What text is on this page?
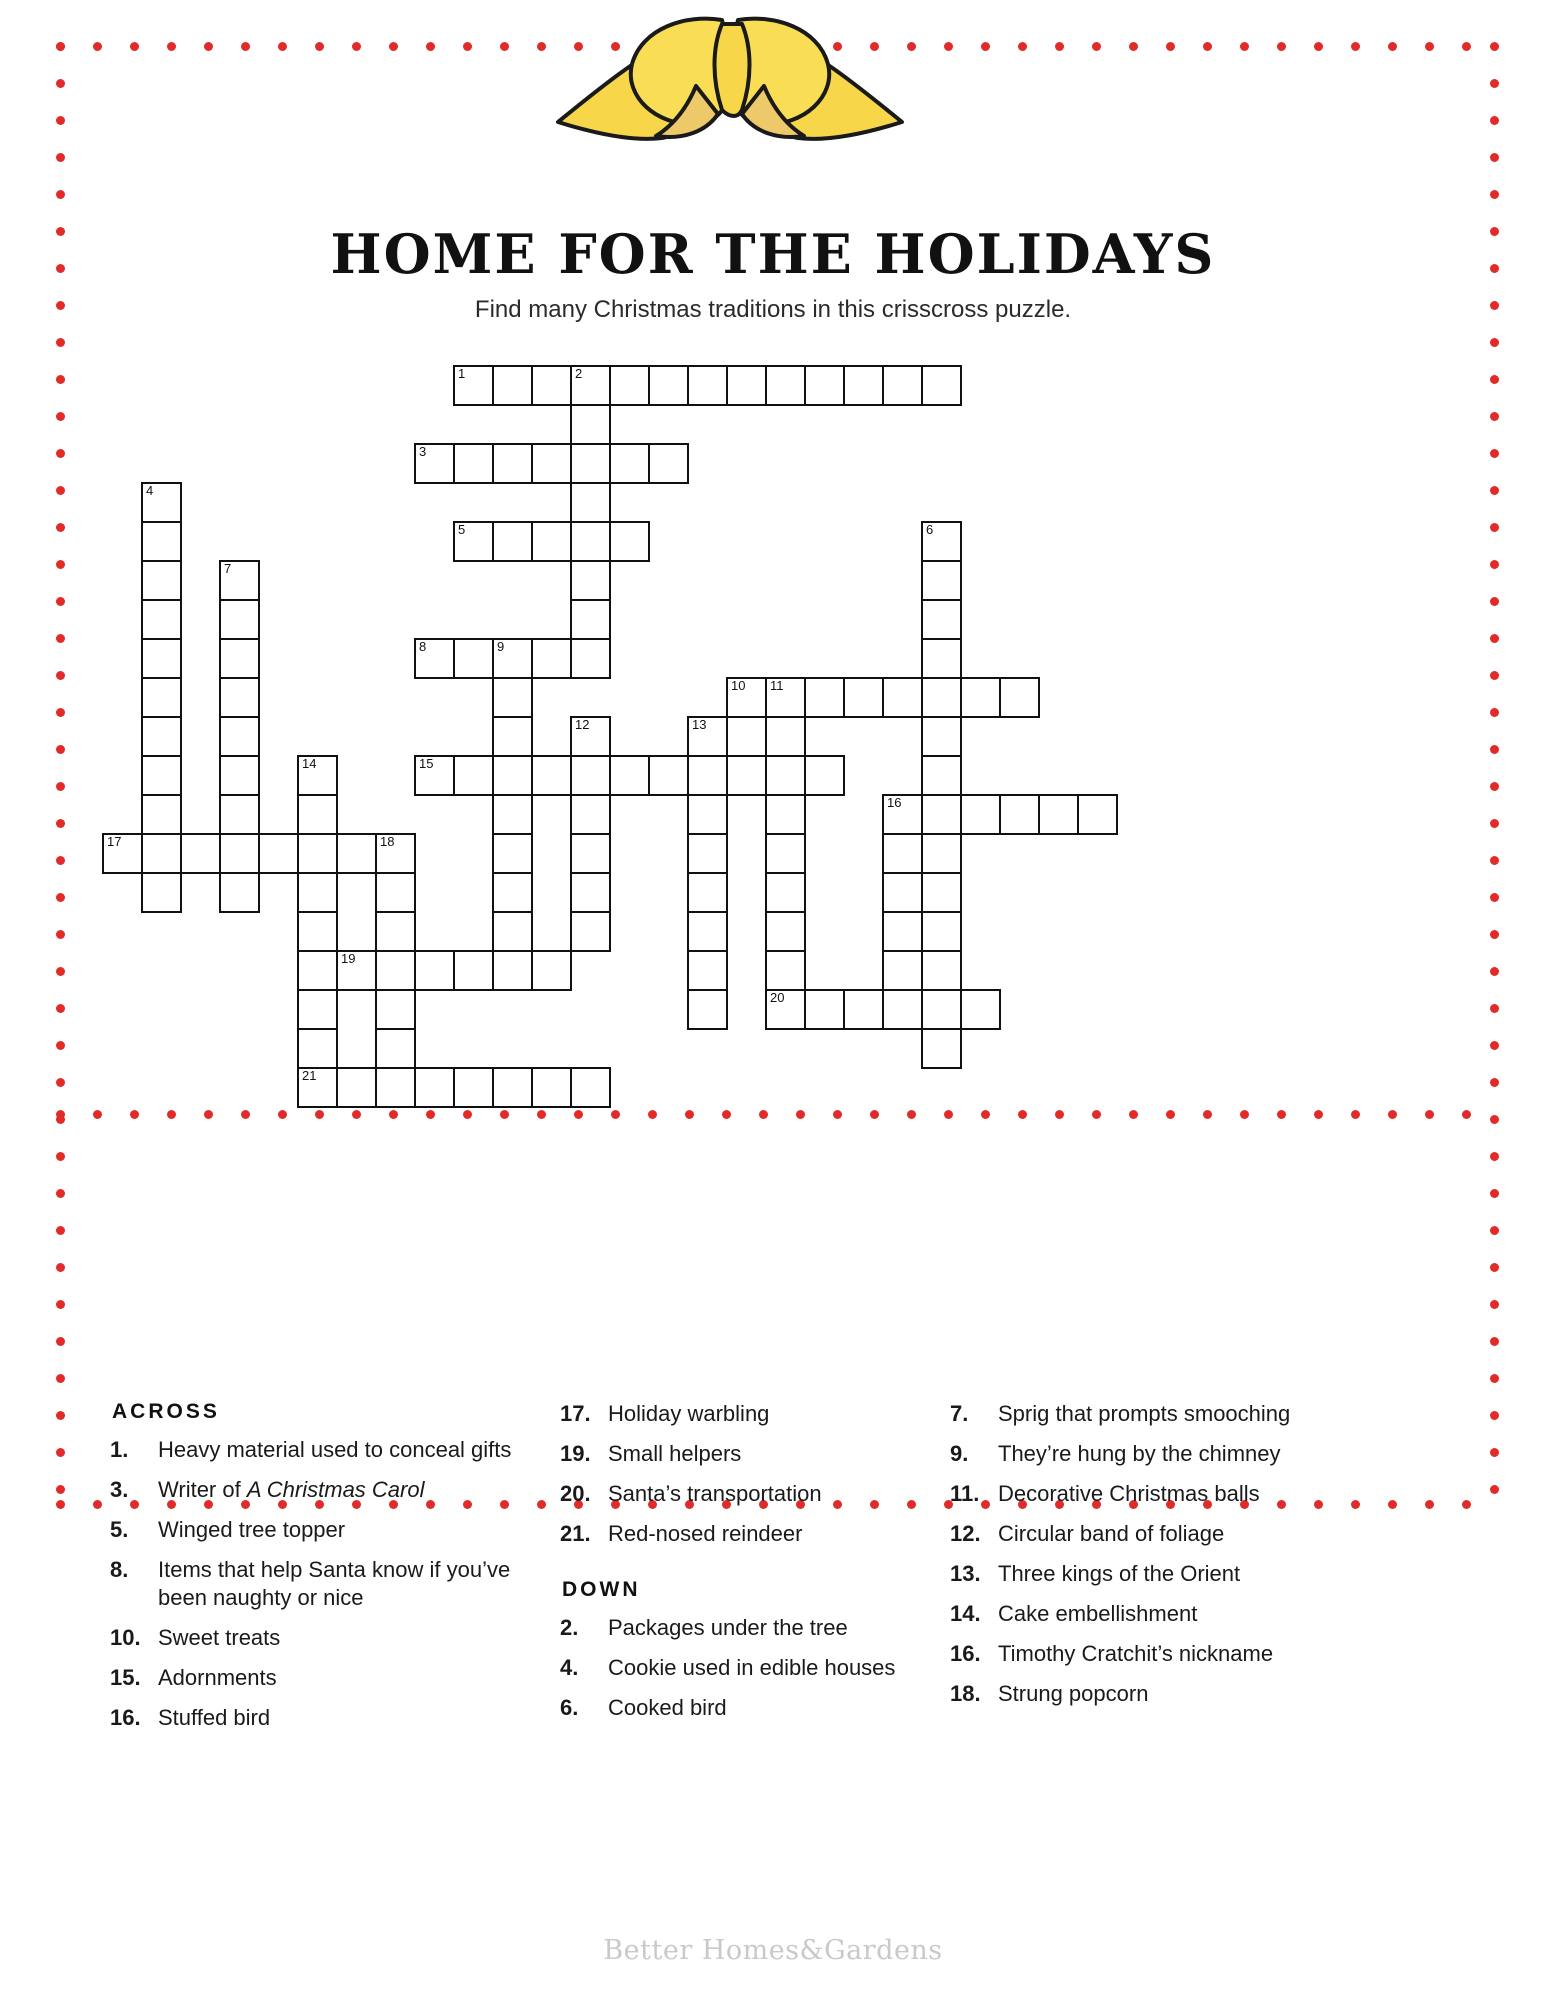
HOME FOR THE HOLIDAYS
Find many Christmas traditions in this crisscross puzzle.
1	2
3
4
5	6
7
8	9
10 11
12	13
14	15
16
17	18
19
20
21
ACROSS
1.	Heavy material used to conceal gifts
3.	Writer of A Christmas Carol
5.	Winged tree topper
8.	Items that help Santa know if you’ve been naughty or nice
10. Sweet treats
15. Adornments
16. Stuffed bird
17. Holiday warbling
19. Small helpers
20. Santa’s transportation
21. Red-nosed reindeer
DOWN
2.	Packages under the tree
4.	Cookie used in edible houses
6.	Cooked bird
7.	Sprig that prompts smooching
9.	They’re hung by the chimney
11. Decorative Christmas balls
12. Circular band of foliage
13. Three kings of the Orient
14. Cake embellishment
16. Timothy Cratchit’s nickname
18. Strung popcorn
Better Homes&Gardens
